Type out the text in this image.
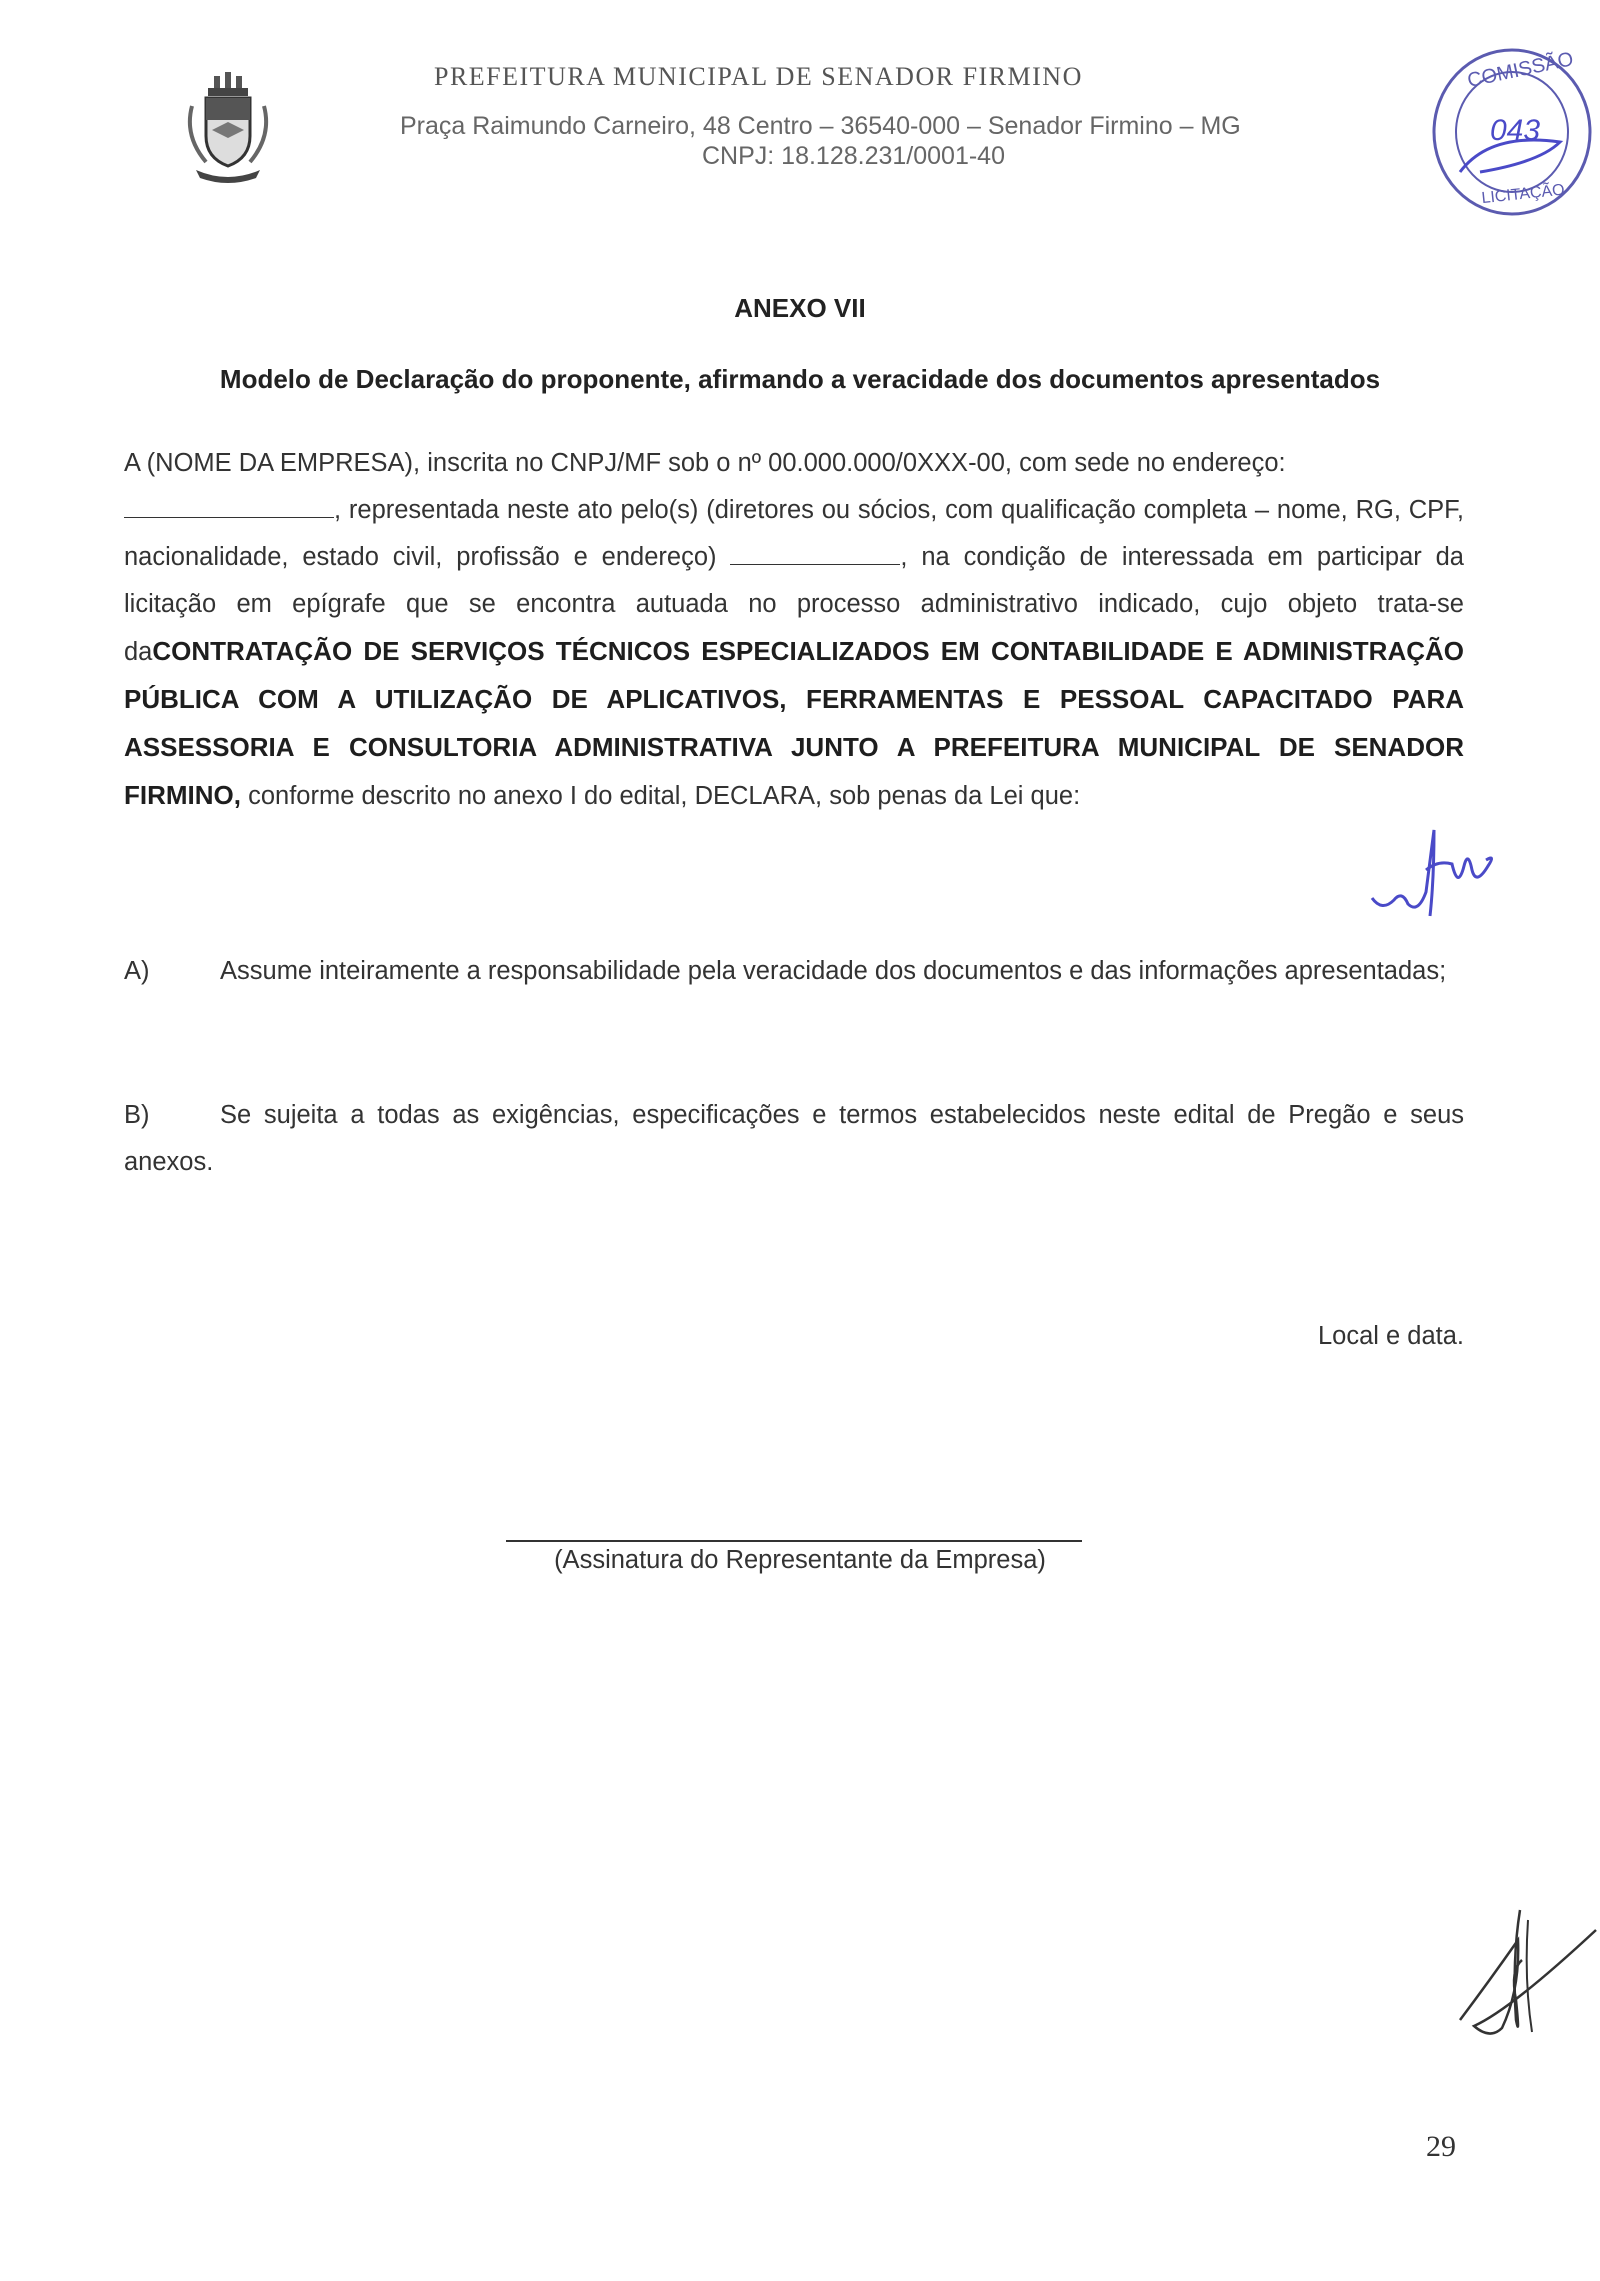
PREFEITURA MUNICIPAL DE SENADOR FIRMINO
Praça Raimundo Carneiro, 48 Centro – 36540-000 – Senador Firmino – MG
CNPJ: 18.128.231/0001-40
COMISSÃO
043
LICITAÇÃO
ANEXO VII
Modelo de Declaração do proponente, afirmando a veracidade dos documentos apresentados
A (NOME DA EMPRESA), inscrita no CNPJ/MF sob o nº 00.000.000/0XXX-00, com sede no endereço:
, representada neste ato pelo(s) (diretores ou sócios, com qualificação completa – nome, RG, CPF, nacionalidade, estado civil, profissão e endereço)	, na condição de interessada em participar da licitação em epígrafe que se encontra autuada no processo administrativo indicado, cujo objeto trata-se daCONTRATAÇÃO DE SERVIÇOS TÉCNICOS ESPECIALIZADOS EM CONTABILIDADE E ADMINISTRAÇÃO PÚBLICA COM A UTILIZAÇÃO DE APLICATIVOS, FERRAMENTAS E PESSOAL CAPACITADO PARA ASSESSORIA E CONSULTORIA ADMINISTRATIVA JUNTO A PREFEITURA MUNICIPAL DE SENADOR FIRMINO, conforme descrito no anexo I do edital, DECLARA, sob penas da Lei que:
A)	Assume inteiramente a responsabilidade pela veracidade dos documentos e das informações apresentadas;
B)	Se sujeita a todas as exigências, especificações e termos estabelecidos neste edital de Pregão e seus anexos.
Local e data.
(Assinatura do Representante da Empresa)
29
